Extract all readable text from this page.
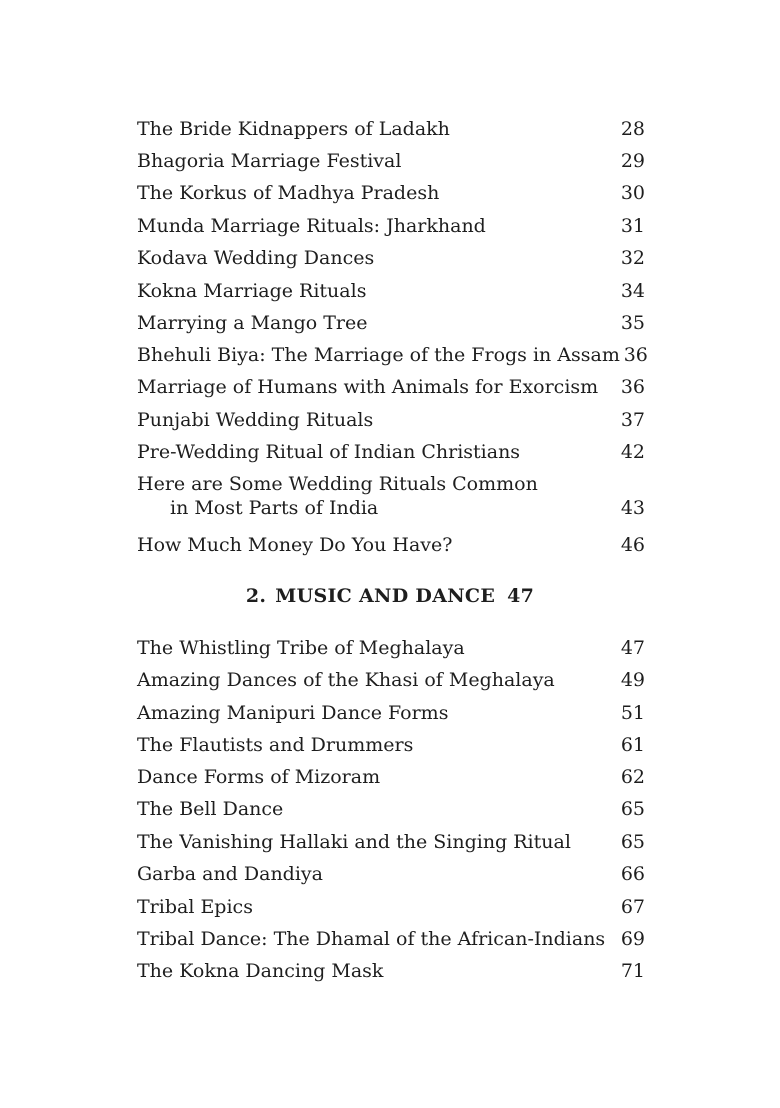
The Bride Kidnappers of Ladakh	28
Bhagoria Marriage Festival	29
The Korkus of Madhya Pradesh	30
Munda Marriage Rituals: Jharkhand	31
Kodava Wedding Dances	32
Kokna Marriage Rituals	34
Marrying a Mango Tree	35
Bhehuli Biya: The Marriage of the Frogs in Assam 36
Marriage of Humans with Animals for Exorcism 36
Punjabi Wedding Rituals	37
Pre-Wedding Ritual of Indian Christians	42
Here are Some Wedding Rituals Common
in Most Parts of India	43
How Much Money Do You Have?	46
2. MUSIC AND DANCE 47
The Whistling Tribe of Meghalaya	47
Amazing Dances of the Khasi of Meghalaya	49
Amazing Manipuri Dance Forms	51
The Flautists and Drummers	61
Dance Forms of Mizoram	62
The Bell Dance	65
The Vanishing Hallaki and the Singing Ritual	65
Garba and Dandiya	66
Tribal Epics	67
Tribal Dance: The Dhamal of the African-Indians 69
The Kokna Dancing Mask	71
